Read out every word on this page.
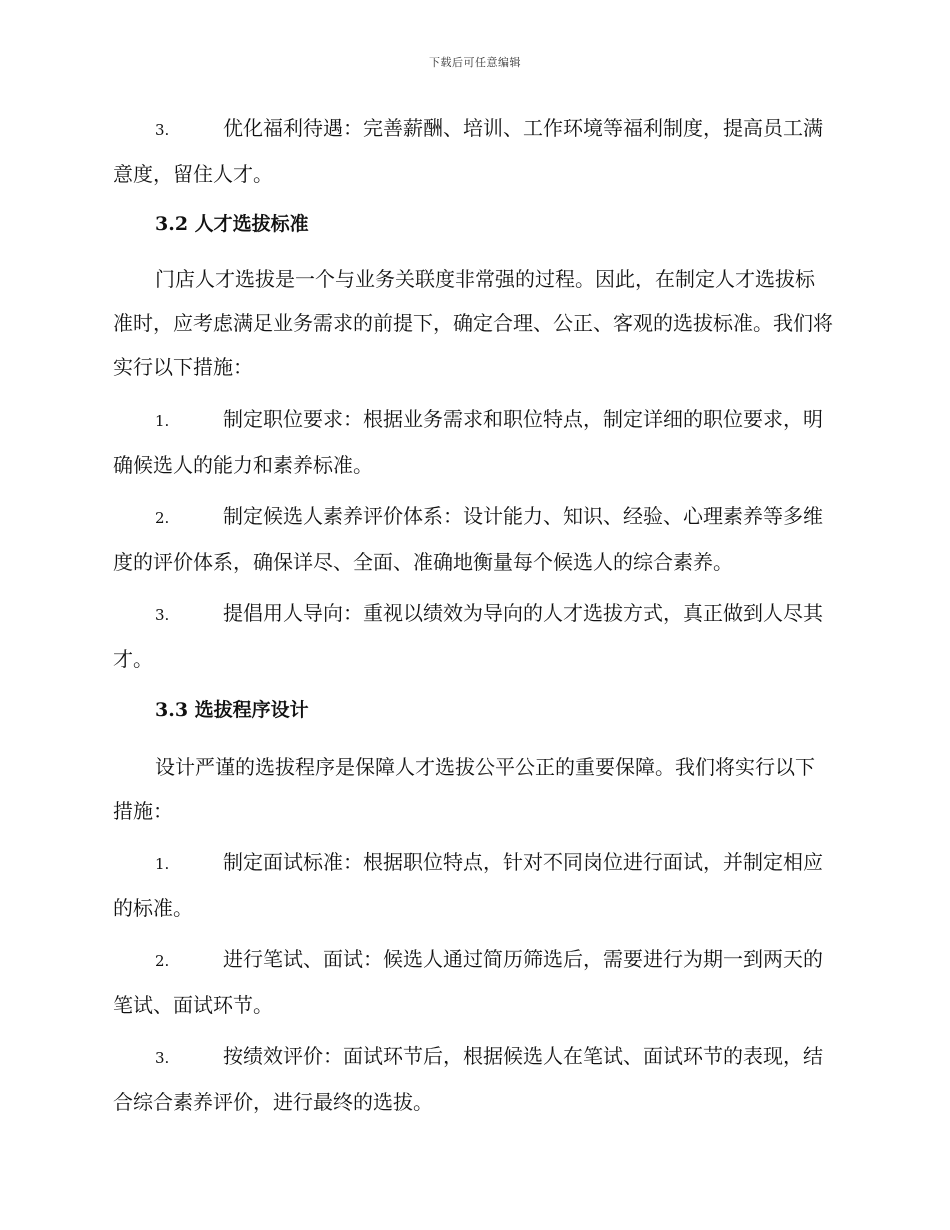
下载后可任意编辑
3.	优化福利待遇：完善薪酬、培训、工作环境等福利制度，提高员工满意度，留住人才。
3.2 人才选拔标准
门店人才选拔是一个与业务关联度非常强的过程。因此，在制定人才选拔标准时，应考虑满足业务需求的前提下，确定合理、公正、客观的选拔标准。我们将实行以下措施：
1.	制定职位要求：根据业务需求和职位特点，制定详细的职位要求，明确候选人的能力和素养标准。
2.	制定候选人素养评价体系：设计能力、知识、经验、心理素养等多维度的评价体系，确保详尽、全面、准确地衡量每个候选人的综合素养。
3.	提倡用人导向：重视以绩效为导向的人才选拔方式，真正做到人尽其才。
3.3 选拔程序设计
设计严谨的选拔程序是保障人才选拔公平公正的重要保障。我们将实行以下措施：
1.	制定面试标准：根据职位特点，针对不同岗位进行面试，并制定相应的标准。
2.	进行笔试、面试：候选人通过简历筛选后，需要进行为期一到两天的笔试、面试环节。
3.	按绩效评价：面试环节后，根据候选人在笔试、面试环节的表现，结合综合素养评价，进行最终的选拔。
